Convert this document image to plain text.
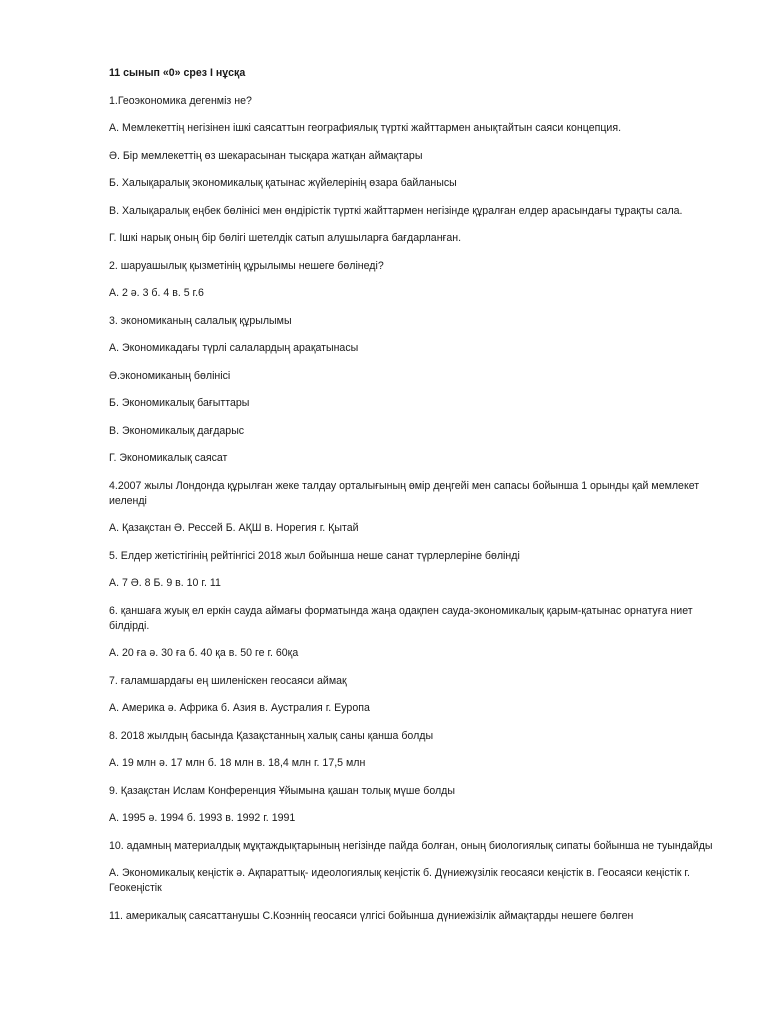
11 сынып «0» срез I нұсқа
1.Геоэкономика дегенміз не?
А. Мемлекеттің негізінен ішкі саясаттын географиялық түрткі жайттармен анықтайтын саяси концепция.
Ә. Бір мемлекеттің өз шекарасынан тысқара жатқан аймақтары
Б. Халықаралық экономикалық қатынас жүйелерінің өзара байланысы
В. Халықаралық еңбек бөлінісі мен өндірістік түрткі жайттармен негізінде құралған елдер арасындағы тұрақты сала.
Г. Ішкі нарық оның бір бөлігі шетелдік сатып алушыларға бағдарланған.
2. шаруашылық қызметінің құрылымы нешеге бөлінеді?
А. 2 ә. 3 б. 4 в. 5 г.6
3. экономиканың салалық құрылымы
А. Экономикадағы түрлі салалардың арақатынасы
Ә.экономиканың бөлінісі
Б. Экономикалық бағыттары
В. Экономикалық дағдарыс
Г. Экономикалық саясат
4.2007 жылы Лондонда құрылған жеке талдау орталығының өмір деңгейі мен сапасы бойынша 1 орынды қай мемлекет иеленді
А. Қазақстан Ә. Рессей Б. АҚШ в. Норегия г. Қытай
5. Елдер жетістігінің рейтінгісі 2018 жыл бойынша неше санат түрлерлеріне бөлінді
А. 7 Ә. 8 Б. 9 в. 10 г. 11
6. қаншаға жуық ел еркін сауда аймағы форматында жаңа одақпен сауда-экономикалық қарым-қатынас орнатуға ниет білдірді.
А. 20 ға ә. 30 ға б. 40 қа в. 50 ге г. 60қа
7. ғаламшардағы ең шиленіскен геосаяси аймақ
А. Америка ә. Африка б. Азия в. Аустралия г. Еуропа
8. 2018 жылдың басында Қазақстанның халық саны қанша болды
А. 19 млн ә. 17 млн б. 18 млн в. 18,4 млн г. 17,5 млн
9. Қазақстан Ислам Конференция Ұйымына қашан толық мүше болды
А. 1995 ә. 1994 б. 1993 в. 1992 г. 1991
10. адамның материалдық мұқтаждықтарының негізінде пайда болған, оның биологиялық сипаты бойынша не туындайды
А. Экономикалық кеңістік ә. Ақпараттық- идеологиялық кеңістік б. Дүниежүзілік геосаяси кеңістік в. Геосаяси кеңістік г. Геокеңістік
11. америкалық саясаттанушы С.Коэннің геосаяси үлгісі бойынша дүниежізілік аймақтарды нешеге бөлген
